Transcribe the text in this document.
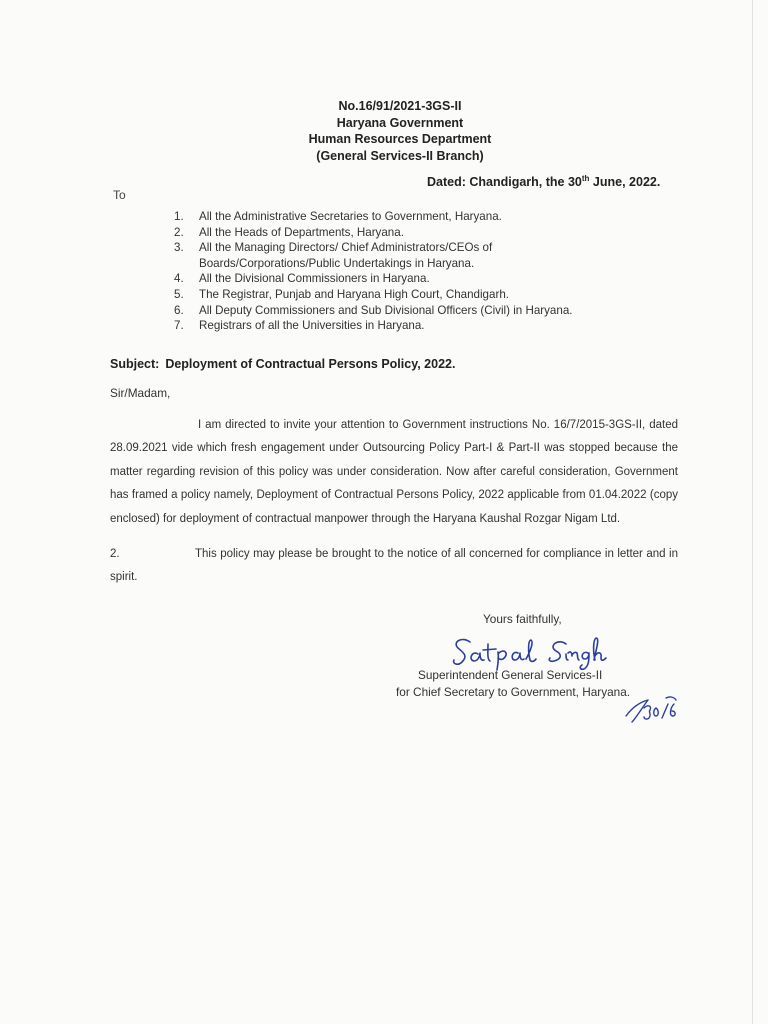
No.16/91/2021-3GS-II
Haryana Government
Human Resources Department
(General Services-II Branch)
Dated: Chandigarh, the 30th June, 2022.
To
1.	All the Administrative Secretaries to Government, Haryana.
2.	All the Heads of Departments, Haryana.
3.	All the Managing Directors/ Chief Administrators/CEOs of Boards/Corporations/Public Undertakings in Haryana.
4.	All the Divisional Commissioners in Haryana.
5.	The Registrar, Punjab and Haryana High Court, Chandigarh.
6.	All Deputy Commissioners and Sub Divisional Officers (Civil) in Haryana.
7.	Registrars of all the Universities in Haryana.
Subject: Deployment of Contractual Persons Policy, 2022.
Sir/Madam,

I am directed to invite your attention to Government instructions No. 16/7/2015-3GS-II, dated 28.09.2021 vide which fresh engagement under Outsourcing Policy Part-I & Part-II was stopped because the matter regarding revision of this policy was under consideration. Now after careful consideration, Government has framed a policy namely, Deployment of Contractual Persons Policy, 2022 applicable from 01.04.2022 (copy enclosed) for deployment of contractual manpower through the Haryana Kaushal Rozgar Nigam Ltd.

2.	This policy may please be brought to the notice of all concerned for compliance in letter and in spirit.

Yours faithfully,
Superintendent General Services-II
for Chief Secretary to Government, Haryana.
